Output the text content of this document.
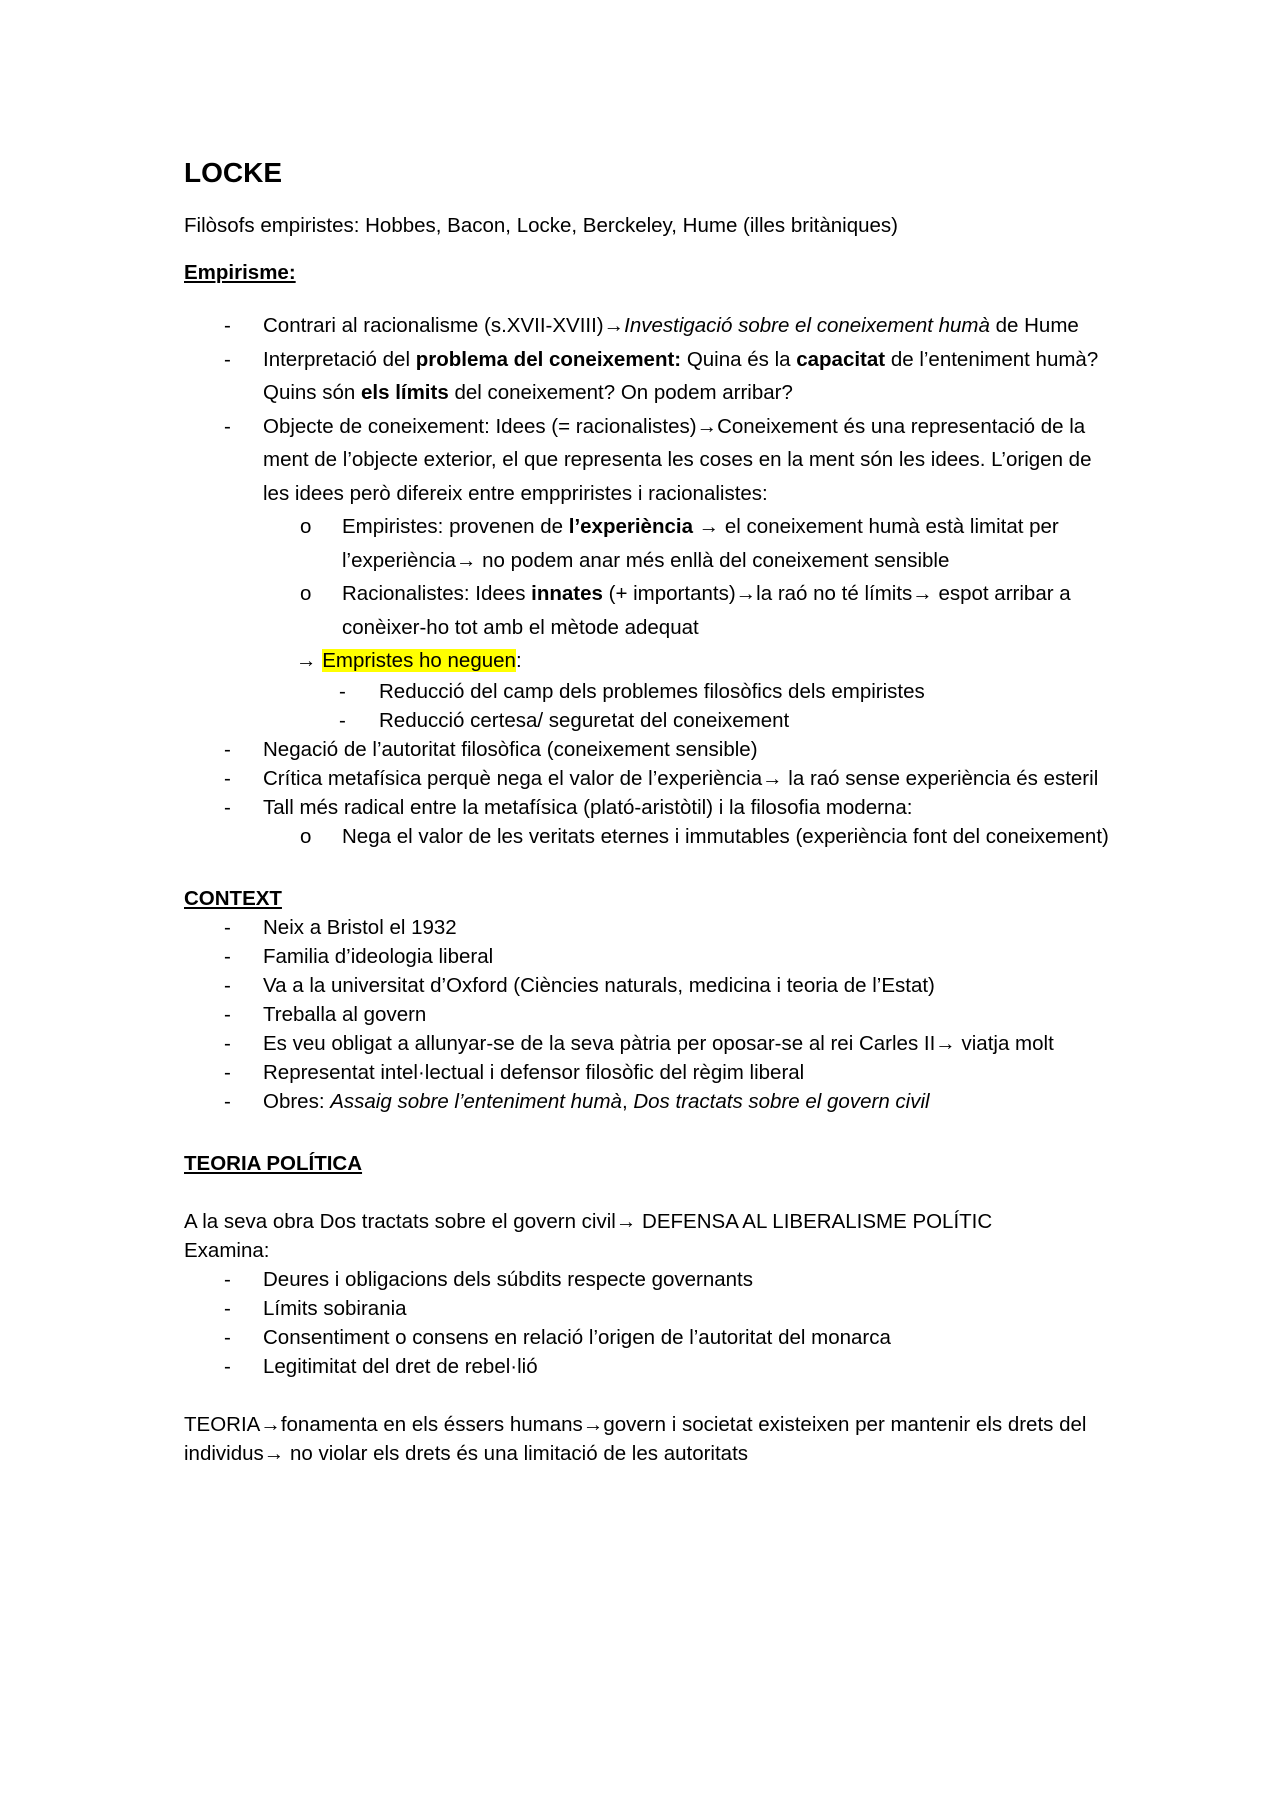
LOCKE

Filòsofs empiristes: Hobbes, Bacon, Locke, Berckeley, Hume (illes britàniques)

Empirisme:
- Contrari al racionalisme (s.XVII-XVIII)→Investigació sobre el coneixement humà de Hume
- Interpretació del problema del coneixement: Quina és la capacitat de l’enteniment humà? Quins són els límits del coneixement? On podem arribar?
- Objecte de coneixement: Idees (= racionalistes)→Coneixement és una representació de la ment de l’objecte exterior, el que representa les coses en la ment són les idees. L’origen de les idees però difereix entre emppriristes i racionalistes:
o Empiristes: provenen de l’experiència → el coneixement humà està limitat per l’experiència→ no podem anar més enllà del coneixement sensible
o Racionalistes: Idees innates (+ importants)→la raó no té límits→ espot arribar a conèixer-ho tot amb el mètode adequat
→ Empristes ho neguen:
- Reducció del camp dels problemes filosòfics dels empiristes
- Reducció certesa/ seguretat del coneixement
- Negació de l’autoritat filosòfica (coneixement sensible)
- Crítica metafísica perquè nega el valor de l’experiència→ la raó sense experiència és esteril
- Tall més radical entre la metafísica (plató-aristòtil) i la filosofia moderna:
o Nega el valor de les veritats eternes i immutables (experiència font del coneixement)
CONTEXT
- Neix a Bristol el 1932
- Familia d’ideologia liberal
- Va a la universitat d’Oxford (Ciències naturals, medicina i teoria de l’Estat)
- Treballa al govern
- Es veu obligat a allunyar-se de la seva pàtria per oposar-se al rei Carles II→ viatja molt
- Representat intel·lectual i defensor filosòfic del règim liberal
- Obres: Assaig sobre l’enteniment humà, Dos tractats sobre el govern civil
TEORIA POLÍTICA

A la seva obra Dos tractats sobre el govern civil→ DEFENSA AL LIBERALISME POLÍTIC

Examina:

- Deures i obligacions dels súbdits respecte governants
- Límits sobirania
- Consentiment o consens en relació l’origen de l’autoritat del monarca
- Legitimitat del dret de rebel·lió

TEORIA→fonamenta en els éssers humans→govern i societat existeixen per mantenir els drets del individus→ no violar els drets és una limitació de les autoritats
